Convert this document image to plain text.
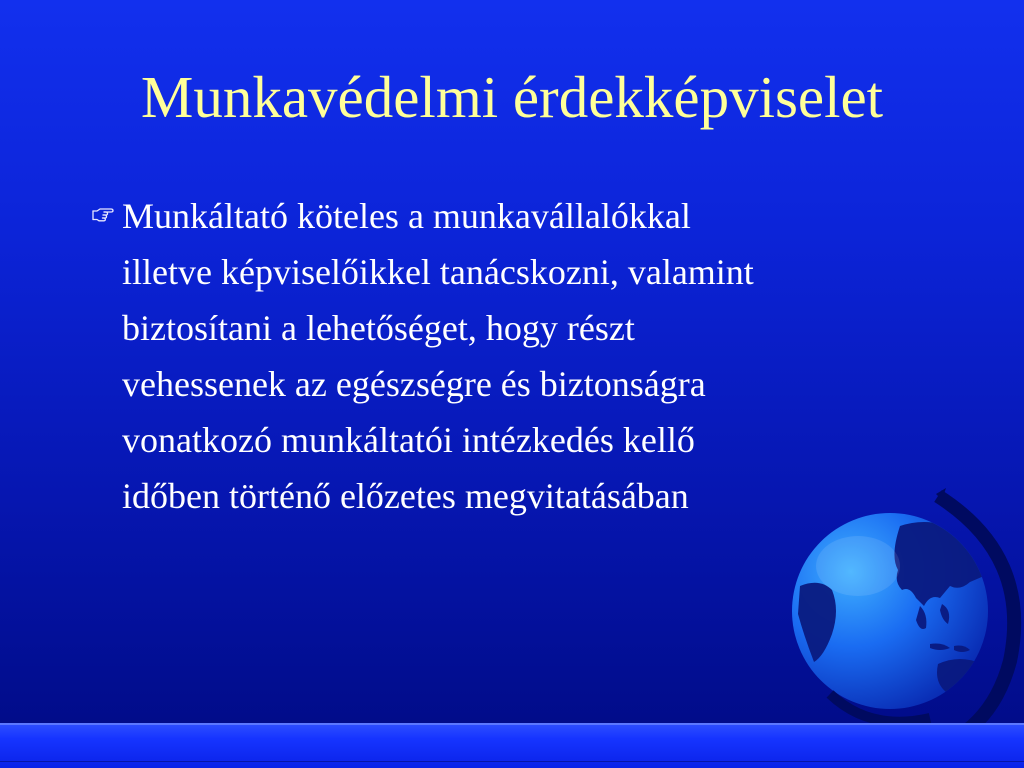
Munkavédelmi érdekképviselet

Munkáltató köteles a munkavállalókkal
illetve képviselőikkel tanácskozni, valamint
biztosítani a lehetőséget, hogy részt
vehessenek az egészségre és biztonságra
vonatkozó munkáltatói intézkedés kellő
időben történő előzetes megvitatásában
